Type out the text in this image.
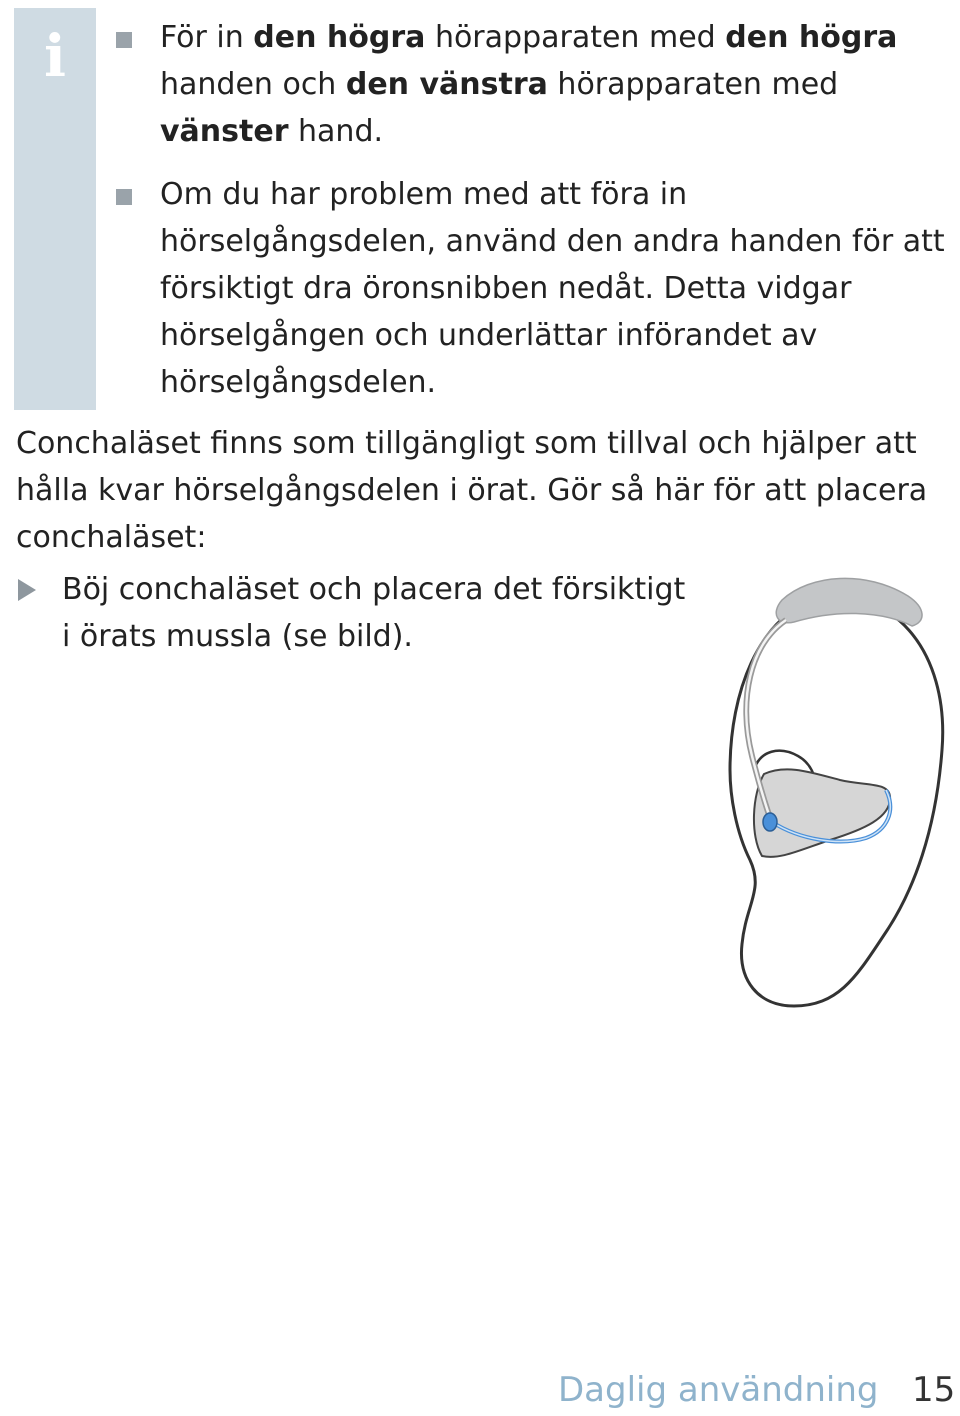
i	För in den högra hörapparaten med den högra handen och den vänstra hörapparaten med vänster hand.
Om du har problem med att föra in hörselgångsdelen, använd den andra handen för att försiktigt dra öronsnibben nedåt. Detta vidgar hörselgången och underlättar införandet av hörselgångsdelen.

Conchaläset finns som tillgängligt som tillval och hjälper att hålla kvar hörselgångsdelen i örat. Gör så här för att placera conchaläset:

Böj conchaläset och placera det försiktigt i örats mussla (se bild).
Daglig användning 15
